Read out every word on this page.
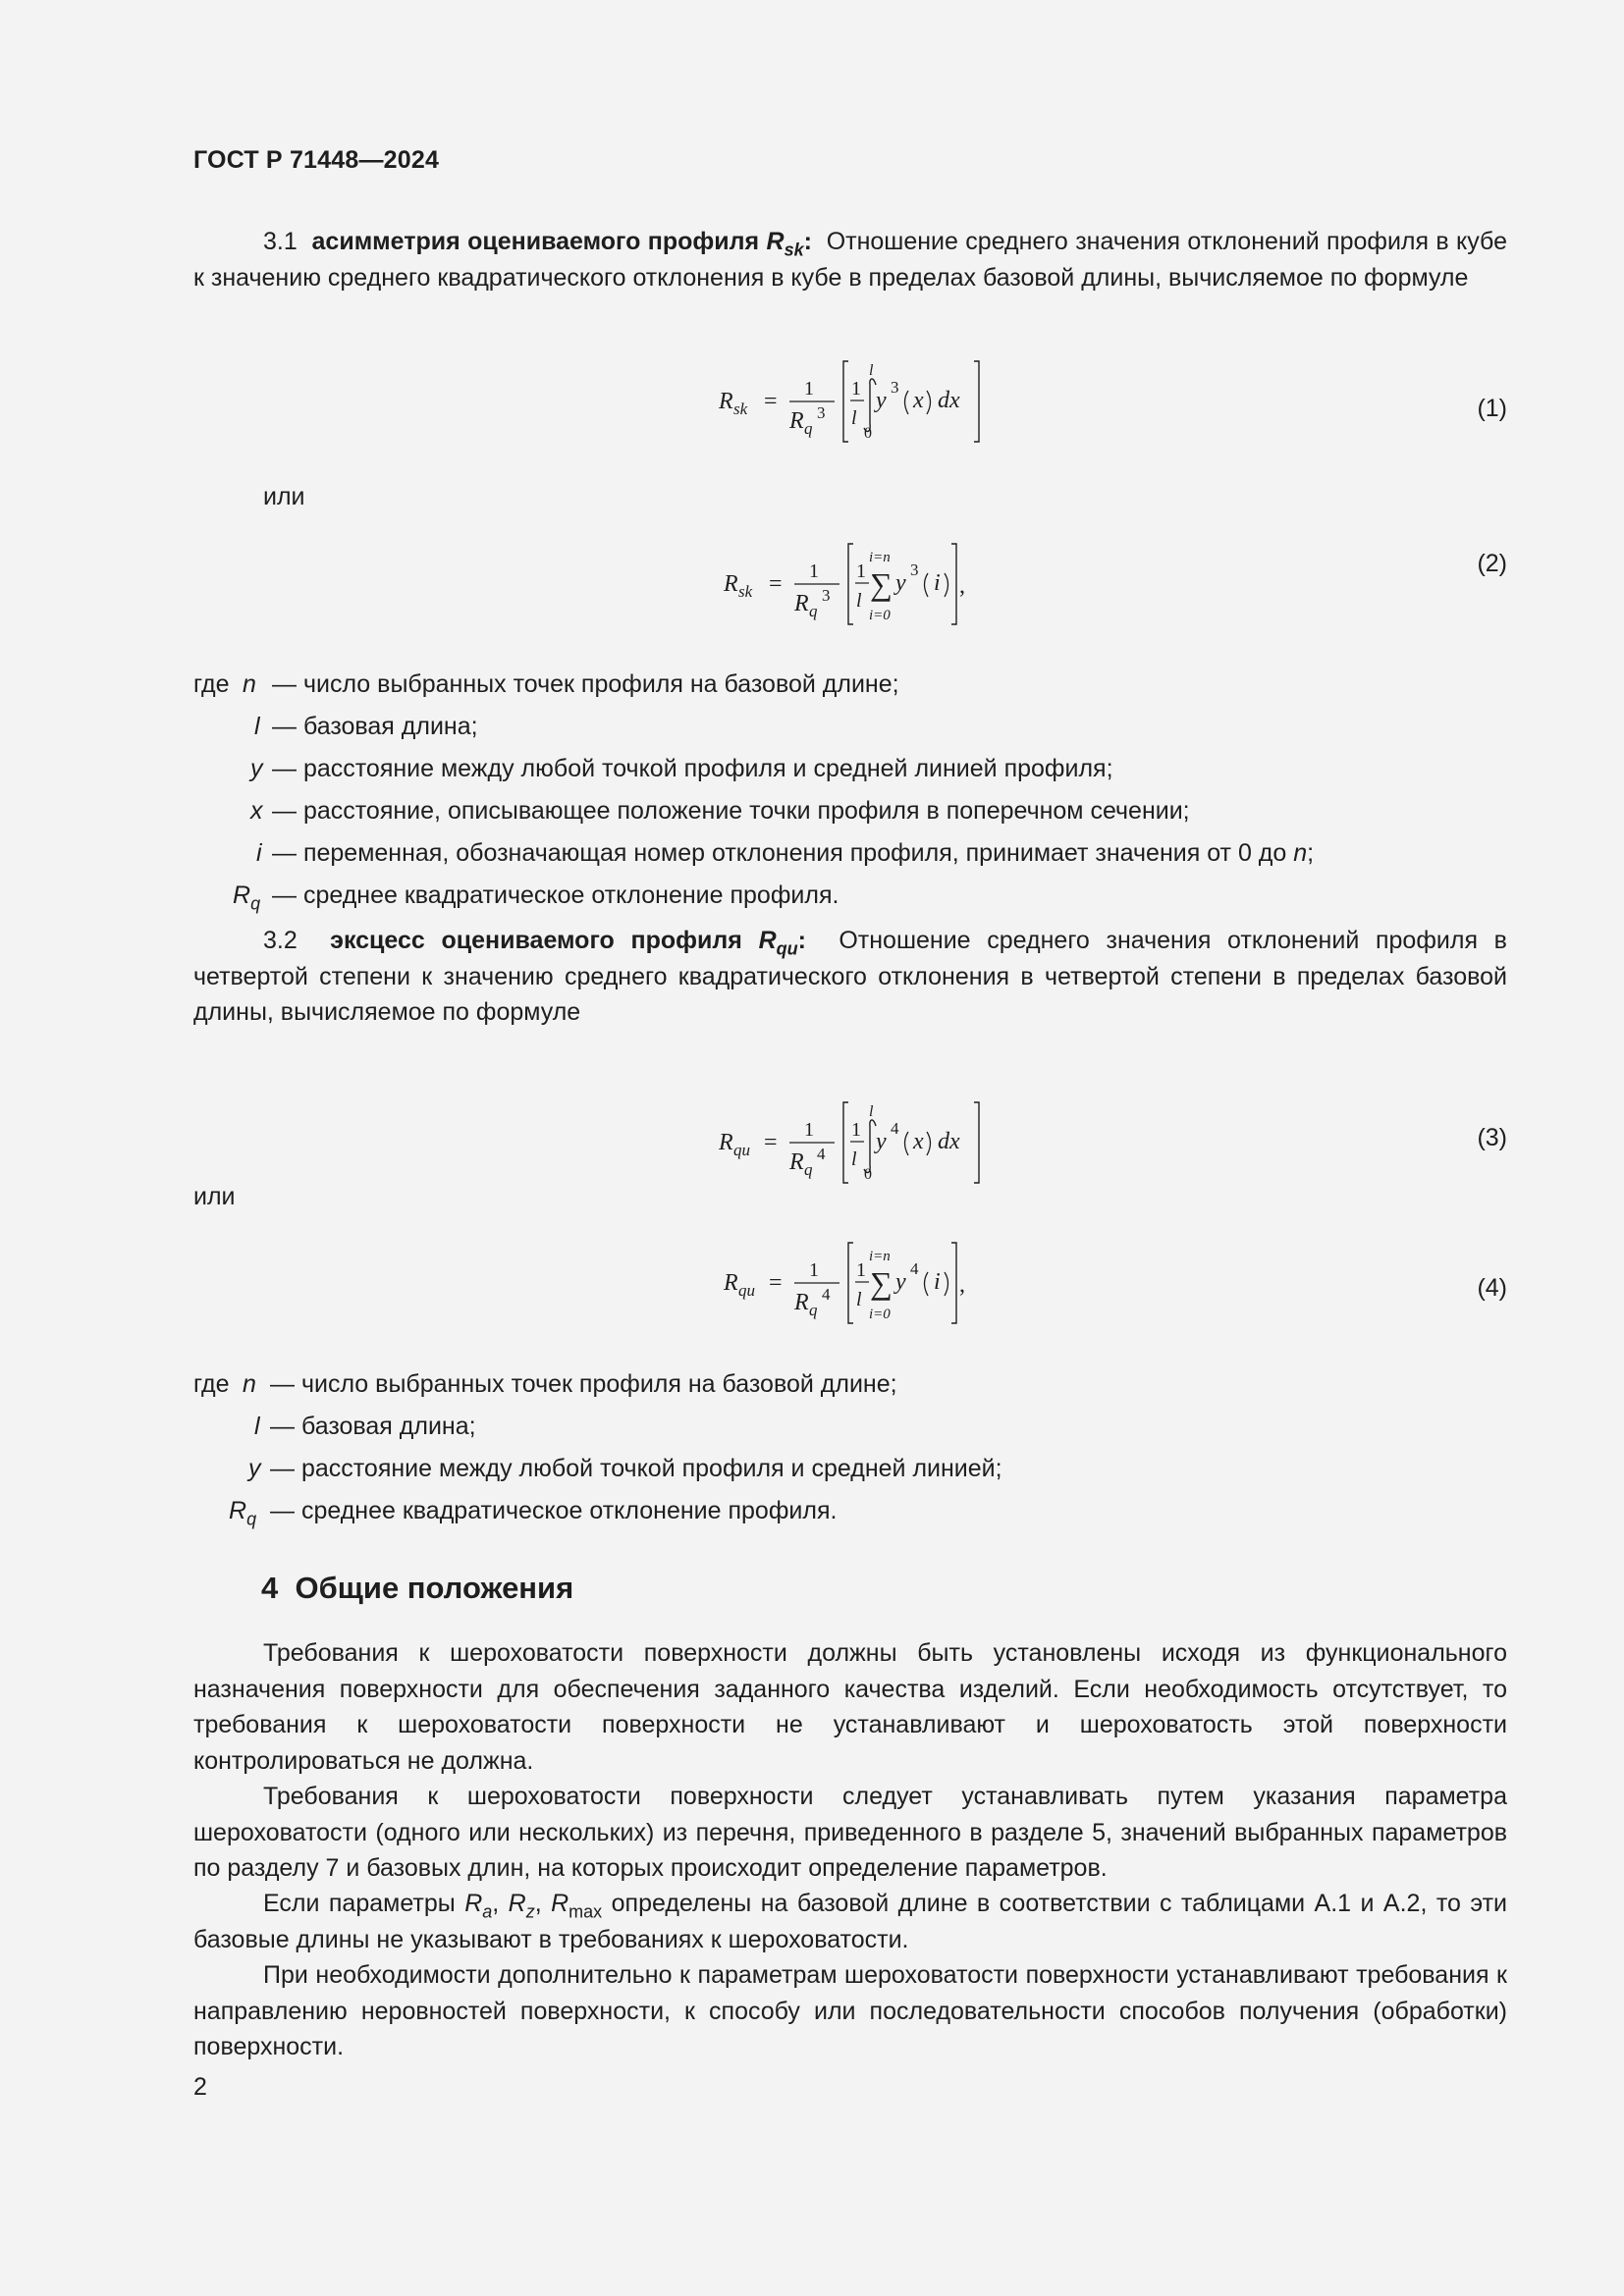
ГОСТ Р 71448—2024

3.1 асимметрия оцениваемого профиля $R_{sk}$: Отношение среднего значения отклонений профиля в кубе к значению среднего квадратического отклонения в кубе в пределах базовой длины, вычисляемое по формуле

R sk = 1
R q
3
1
l
l
0
y
3
x dx	(1)
или
R sk = 1
R q
3
1
l
i=n
∑
i=0
y
3
i ,
(2)
где n — число выбранных точек профиля на базовой длине;
l — базовая длина;
y — расстояние между любой точкой профиля и средней линией профиля;
x — расстояние, описывающее положение точки профиля в поперечном сечении;
i — переменная, обозначающая номер отклонения профиля, принимает значения от 0 до n;
$R_q$ — среднее квадратическое отклонение профиля.

3.2 эксцесс оцениваемого профиля $R_{qu}$: Отношение среднего значения отклонений профиля в четвертой степени к значению среднего квадратического отклонения в четвертой степени в пределах базовой длины, вычисляемое по формуле

R qu = 1
R q
4
1
l
l
0
y
4
x dx	(3)
или
R qu = 1
R q
4
1
l
i=n
∑
i=0
y
4
i ,	(4)
где n — число выбранных точек профиля на базовой длине;
l — базовая длина;
y — расстояние между любой точкой профиля и средней линией;
$R_q$ — среднее квадратическое отклонение профиля.
4  Общие положения

Требования к шероховатости поверхности должны быть установлены исходя из функционального назначения поверхности для обеспечения заданного качества изделий. Если необходимость отсутствует, то требования к шероховатости поверхности не устанавливают и шероховатость этой поверхности контролироваться не должна.

Требования к шероховатости поверхности следует устанавливать путем указания параметра шероховатости (одного или нескольких) из перечня, приведенного в разделе 5, значений выбранных параметров по разделу 7 и базовых длин, на которых происходит определение параметров.

Если параметры $R_a$, $R_z$, $R_{max}$ определены на базовой длине в соответствии с таблицами А.1 и А.2, то эти базовые длины не указывают в требованиях к шероховатости.

При необходимости дополнительно к параметрам шероховатости поверхности устанавливают требования к направлению неровностей поверхности, к способу или последовательности способов получения (обработки) поверхности.

2
